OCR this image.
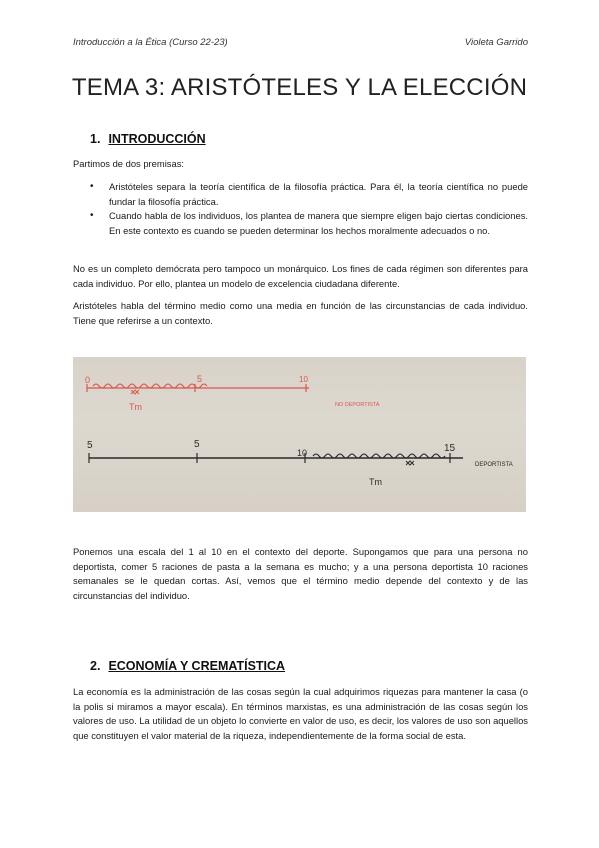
Introducción a la Ética (Curso 22-23)	Violeta Garrido
TEMA 3: ARISTÓTELES Y LA ELECCIÓN
1. INTRODUCCIÓN
Partimos de dos premisas:
• Aristóteles separa la teoría científica de la filosofía práctica. Para él, la teoría científica no puede fundar la filosofía práctica.
• Cuando habla de los individuos, los plantea de manera que siempre eligen bajo ciertas condiciones. En este contexto es cuando se pueden determinar los hechos moralmente adecuados o no.
No es un completo demócrata pero tampoco un monárquico. Los fines de cada régimen son diferentes para cada individuo. Por ello, plantea un modelo de excelencia ciudadana diferente.
Aristóteles habla del término medio como una media en función de las circunstancias de cada individuo. Tiene que referirse a un contexto.
0	5	10
Tm	NO DEPORTISTA
5	5
10	15
Tm
DEPORTISTA
Ponemos una escala del 1 al 10 en el contexto del deporte. Supongamos que para una persona no deportista, comer 5 raciones de pasta a la semana es mucho; y a una persona deportista 10 raciones semanales se le quedan cortas. Así, vemos que el término medio depende del contexto y de las circunstancias del individuo.
2. ECONOMÍA Y CREMATÍSTICA
La economía es la administración de las cosas según la cual adquirimos riquezas para mantener la casa (o la polis si miramos a mayor escala). En términos marxistas, es una administración de las cosas según los valores de uso. La utilidad de un objeto lo convierte en valor de uso, es decir, los valores de uso son aquellos que constituyen el valor material de la riqueza, independientemente de la forma social de esta.
